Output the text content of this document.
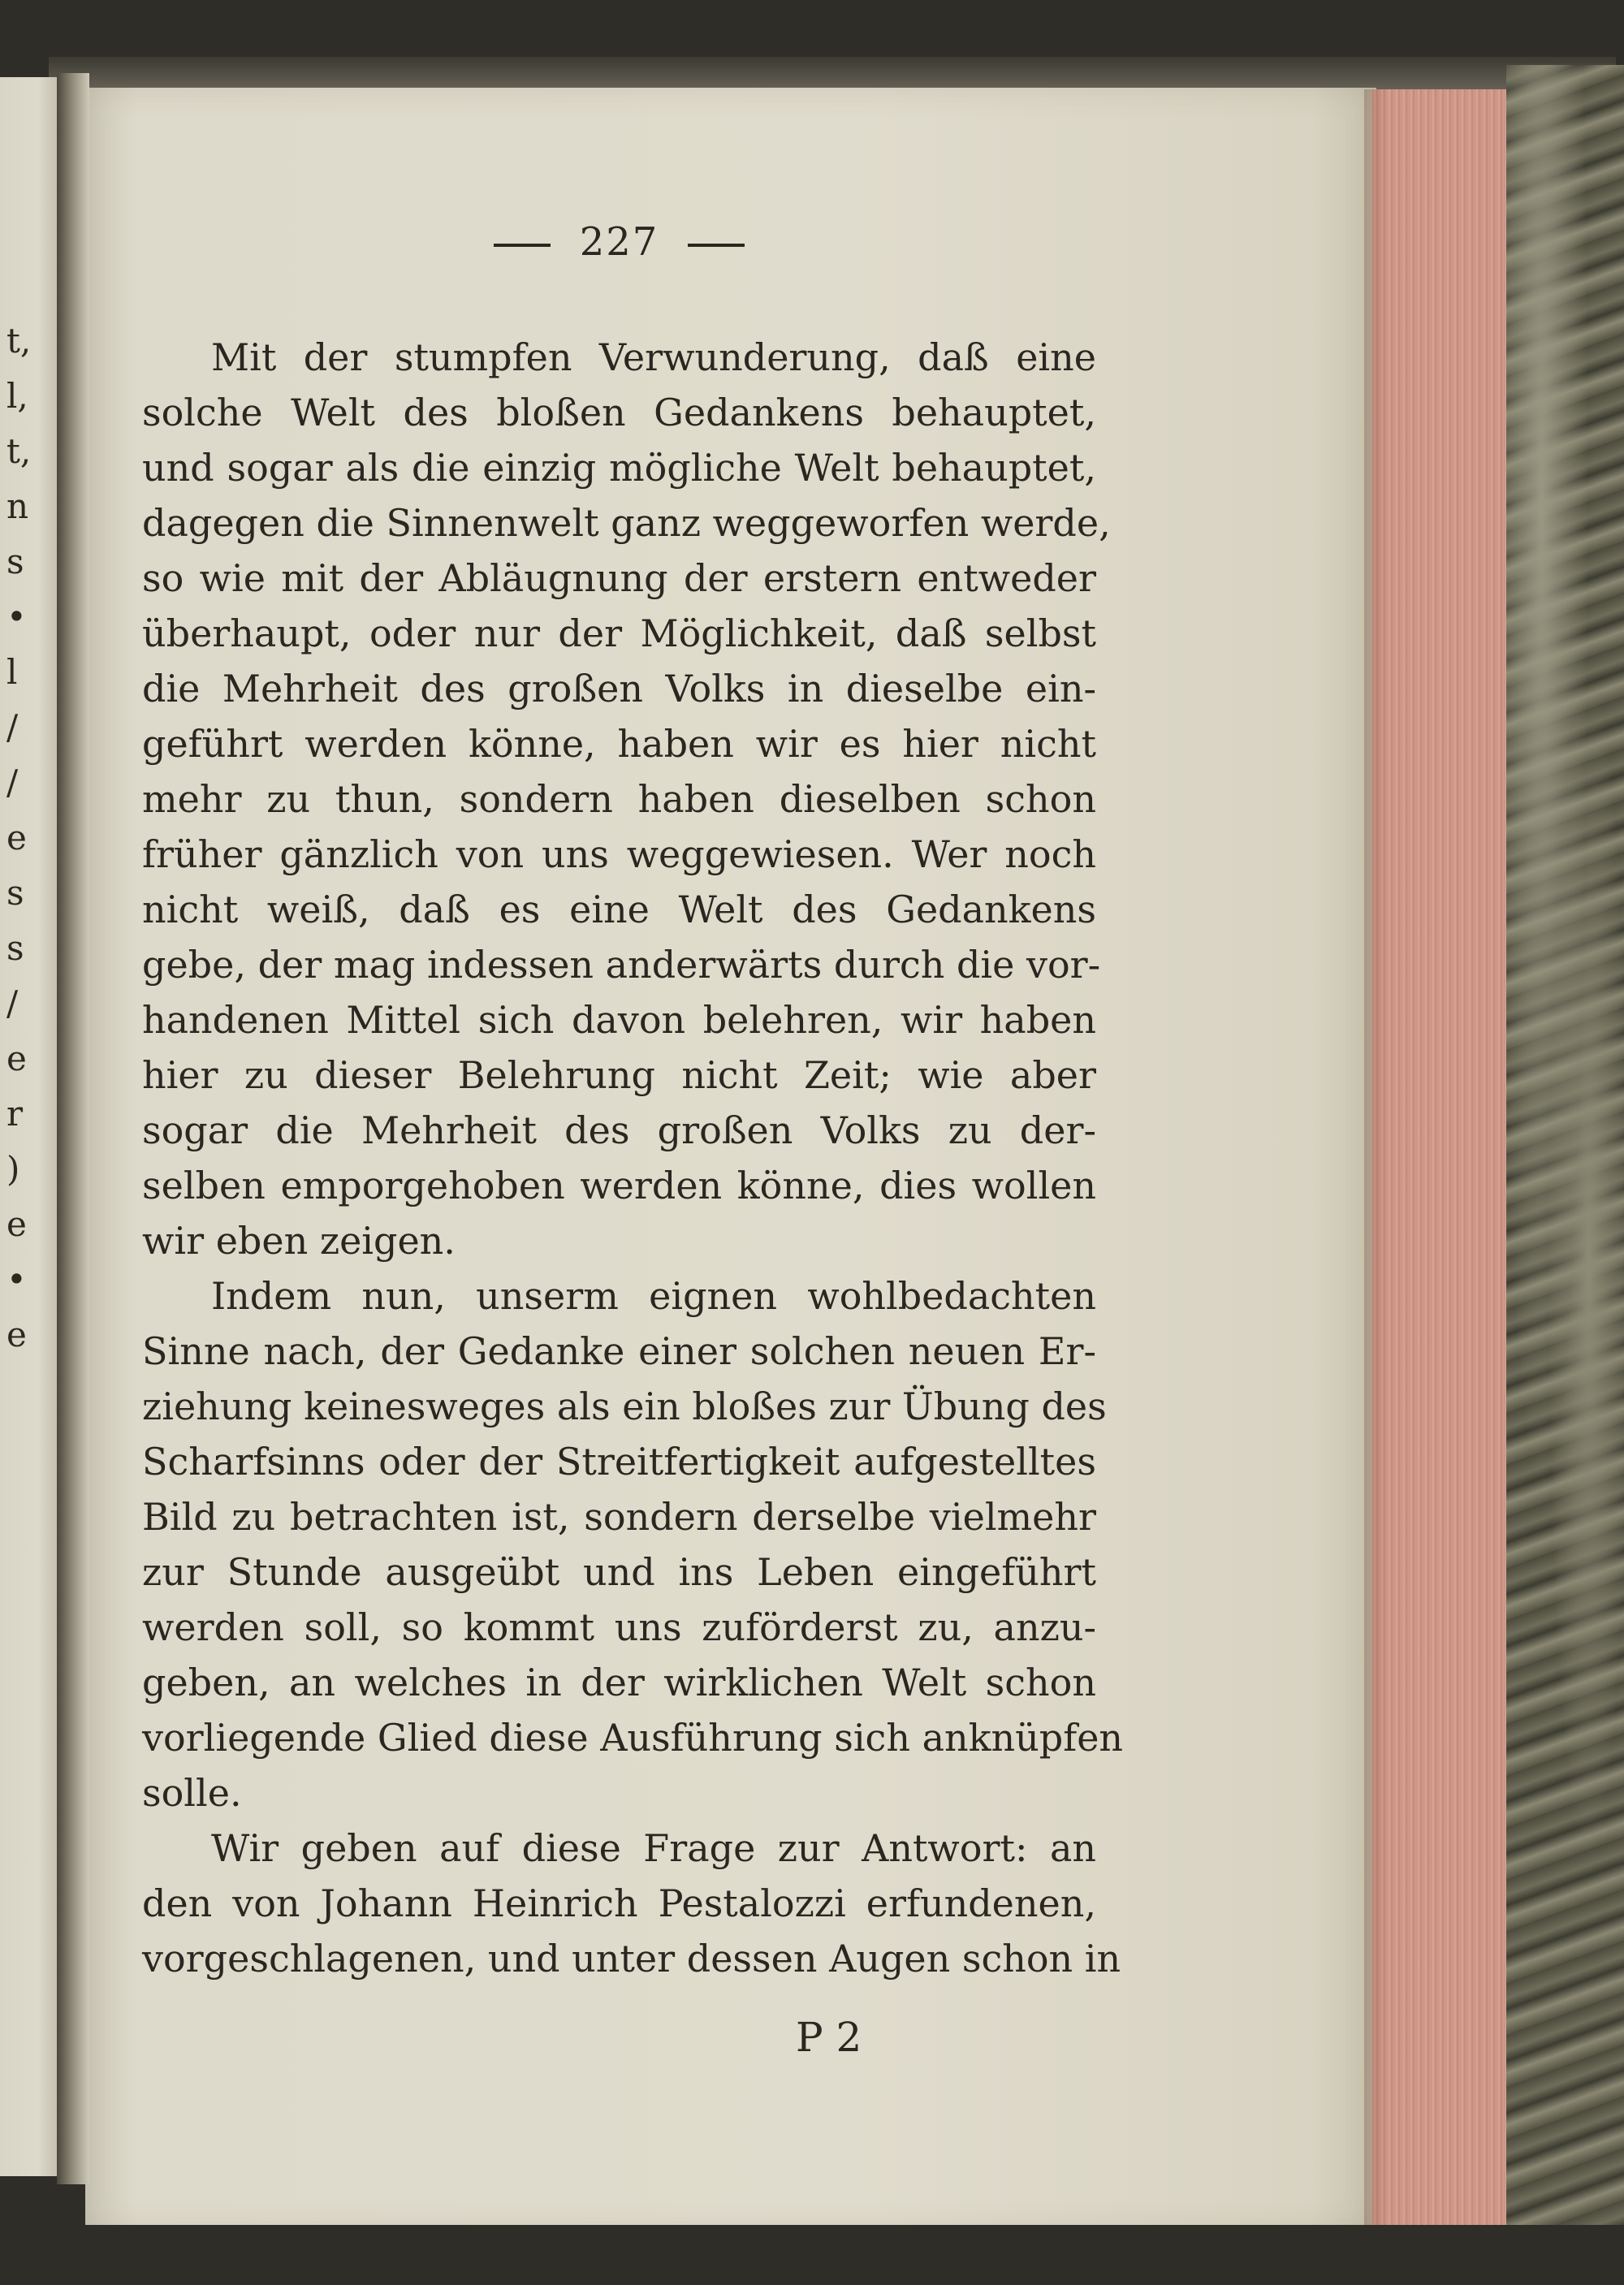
t,
l,
t,
n
s
•
l
/
/
e
s
s
/
e
r
)
e
•
e
227
Mit der stumpfen Verwunderung, daß eine
solche Welt des bloßen Gedankens behauptet,
und sogar als die einzig mögliche Welt behauptet,
dagegen die Sinnenwelt ganz weggeworfen werde,
so wie mit der Abläugnung der erstern entweder
überhaupt, oder nur der Möglichkeit, daß selbst
die Mehrheit des großen Volks in dieselbe ein-
geführt werden könne, haben wir es hier nicht
mehr zu thun, sondern haben dieselben schon
früher gänzlich von uns weggewiesen. Wer noch
nicht weiß, daß es eine Welt des Gedankens
gebe, der mag indessen anderwärts durch die vor-
handenen Mittel sich davon belehren, wir haben
hier zu dieser Belehrung nicht Zeit; wie aber
sogar die Mehrheit des großen Volks zu der-
selben emporgehoben werden könne, dies wollen
wir eben zeigen.
Indem nun, unserm eignen wohlbedachten
Sinne nach, der Gedanke einer solchen neuen Er-
ziehung keinesweges als ein bloßes zur Übung des
Scharfsinns oder der Streitfertigkeit aufgestelltes
Bild zu betrachten ist, sondern derselbe vielmehr
zur Stunde ausgeübt und ins Leben eingeführt
werden soll, so kommt uns zuförderst zu, anzu-
geben, an welches in der wirklichen Welt schon
vorliegende Glied diese Ausführung sich anknüpfen
solle.
Wir geben auf diese Frage zur Antwort: an
den von Johann Heinrich Pestalozzi erfundenen,
vorgeschlagenen, und unter dessen Augen schon in
P 2
